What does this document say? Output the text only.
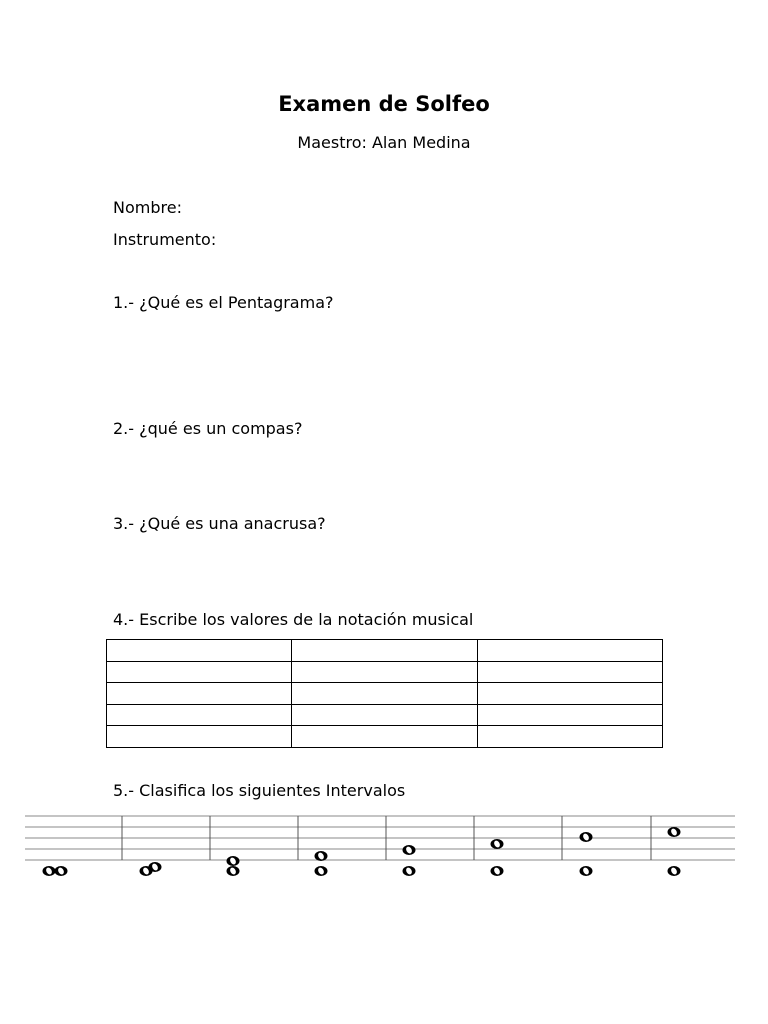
Examen de Solfeo
Maestro: Alan Medina
Nombre:
Instrumento:
1.- ¿Qué es el Pentagrama?
2.- ¿qué es un compas?
3.- ¿Qué es una anacrusa?
4.- Escribe los valores de la notación musical

5.- Clasifica los siguientes Intervalos
